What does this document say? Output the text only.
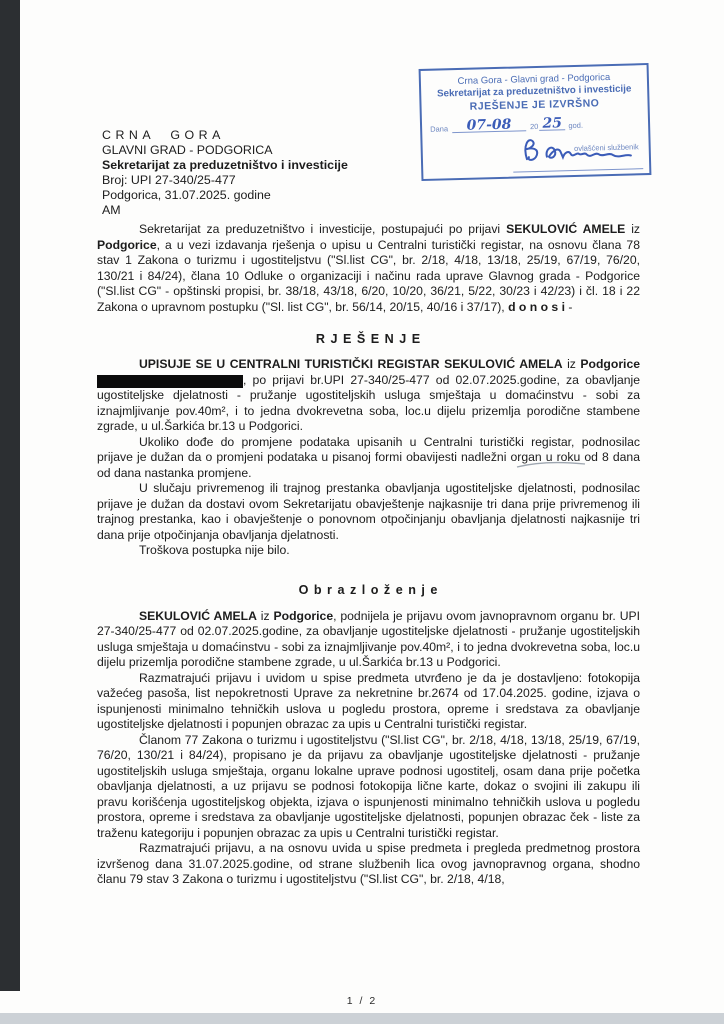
Crna Gora - Glavni grad - Podgorica
Sekretarijat za preduzetništvo i investicije
RJEŠENJE JE IZVRŠNO
Dana	07-08	20 25 god.
ovlašćeni službenik
CRNA GORA
GLAVNI GRAD - PODGORICA
Sekretarijat za preduzetništvo i investicije
Broj: UPI 27-340/25-477
Podgorica, 31.07.2025. godine
AM

Sekretarijat za preduzetništvo i investicije, postupajući po prijavi SEKULOVIĆ AMELE iz Podgorice, a u vezi izdavanja rješenja o upisu u Centralni turistički registar, na osnovu člana 78 stav 1 Zakona o turizmu i ugostiteljstvu ("Sl.list CG", br. 2/18, 4/18, 13/18, 25/19, 67/19, 76/20, 130/21 i 84/24), člana 10 Odluke o organizaciji i načinu rada uprave Glavnog grada - Podgorice ("Sl.list CG" - opštinski propisi, br. 38/18, 43/18, 6/20, 10/20, 36/21, 5/22, 30/23 i 42/23) i čl. 18 i 22 Zakona o upravnom postupku ("Sl. list CG", br. 56/14, 20/15, 40/16 i 37/17), d o n o s i -

R J E Š E N J E

UPISUJE SE U CENTRALNI TURISTIČKI REGISTAR SEKULOVIĆ AMELA iz Podgorice , po prijavi br.UPI 27-340/25-477 od 02.07.2025.godine, za obavljanje ugostiteljske djelatnosti - pružanje ugostiteljskih usluga smještaja u domaćinstvu - sobi za iznajmljivanje pov.40m², i to jedna dvokrevetna soba, loc.u dijelu prizemlja porodične stambene zgrade, u ul.Šarkića br.13 u Podgorici.

Ukoliko dođe do promjene podataka upisanih u Centralni turistički registar, podnosilac prijave je dužan da o promjeni podataka u pisanoj formi obavijesti nadležni organ u roku od 8 dana od dana nastanka promjene.

U slučaju privremenog ili trajnog prestanka obavljanja ugostiteljske djelatnosti, podnosilac prijave je dužan da dostavi ovom Sekretarijatu obavještenje najkasnije tri dana prije privremenog ili trajnog prestanka, kao i obavještenje o ponovnom otpočinjanju obavljanja djelatnosti najkasnije tri dana prije otpočinjanja obavljanja djelatnosti.

Troškova postupka nije bilo.

O b r a z l o ž e n j e

SEKULOVIĆ AMELA iz Podgorice, podnijela je prijavu ovom javnopravnom organu br. UPI 27-340/25-477 od 02.07.2025.godine, za obavljanje ugostiteljske djelatnosti - pružanje ugostiteljskih usluga smještaja u domaćinstvu - sobi za iznajmljivanje pov.40m², i to jedna dvokrevetna soba, loc.u dijelu prizemlja porodične stambene zgrade, u ul.Šarkića br.13 u Podgorici.

Razmatrajući prijavu i uvidom u spise predmeta utvrđeno je da je dostavljeno: fotokopija važećeg pasoša, list nepokretnosti Uprave za nekretnine br.2674 od 17.04.2025. godine, izjava o ispunjenosti minimalno tehničkih uslova u pogledu prostora, opreme i sredstava za obavljanje ugostiteljske djelatnosti i popunjen obrazac za upis u Centralni turistički registar.

Članom 77 Zakona o turizmu i ugostiteljstvu ("Sl.list CG", br. 2/18, 4/18, 13/18, 25/19, 67/19, 76/20, 130/21 i 84/24), propisano je da prijavu za obavljanje ugostiteljske djelatnosti - pružanje ugostiteljskih usluga smještaja, organu lokalne uprave podnosi ugostitelj, osam dana prije početka obavljanja djelatnosti, a uz prijavu se podnosi fotokopija lične karte, dokaz o svojini ili zakupu ili pravu korišćenja ugostiteljskog objekta, izjava o ispunjenosti minimalno tehničkih uslova u pogledu prostora, opreme i sredstava za obavljanje ugostiteljske djelatnosti, popunjen obrazac ček - liste za traženu kategoriju i popunjen obrazac za upis u Centralni turistički registar.

Razmatrajući prijavu, a na osnovu uvida u spise predmeta i pregleda predmetnog prostora izvršenog dana 31.07.2025.godine, od strane službenih lica ovog javnopravnog organa, shodno članu 79 stav 3 Zakona o turizmu i ugostiteljstvu ("Sl.list CG", br. 2/18, 4/18,

1 / 2
